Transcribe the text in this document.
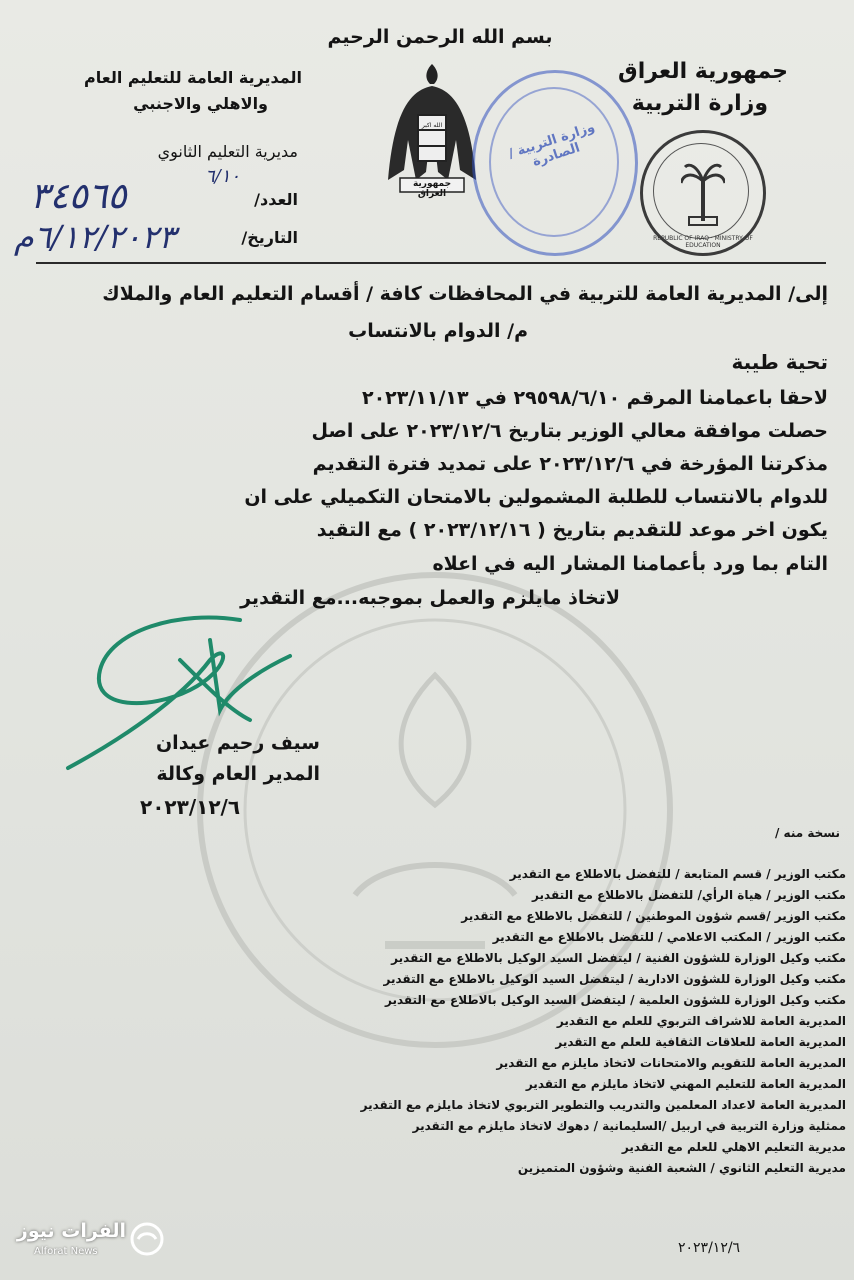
جمهورية العراق
وزارة التربية
بسم الله الرحمن الرحيم
المديرية العامة للتعليم العام
والاهلي والاجنبي
مديرية التعليم الثانوي
٦/١٠
العدد/
٣٤٥٦٥
التاريخ/
٦/١٢/٢٠٢٣م
الله اكبر
جمهورية العراق
وزارة التربية / الصادرة
REPUBLIC OF IRAQ · MINISTRY OF EDUCATION
إلى/ المديرية العامة للتربية في المحافظات كافة / أقسام التعليم العام والملاك
م/ الدوام بالانتساب
تحية طيبة
لاحقا باعمامنا المرقم ٢٩٥٩٨/٦/١٠ في ٢٠٢٣/١١/١٣
حصلت موافقة معالي الوزير بتاريخ ٢٠٢٣/١٢/٦ على اصل
مذكرتنا المؤرخة في ٢٠٢٣/١٢/٦ على تمديد فترة التقديم
للدوام بالانتساب للطلبة المشمولين بالامتحان التكميلي على ان
يكون اخر موعد للتقديم بتاريخ ( ٢٠٢٣/١٢/١٦ ) مع التقيد
التام بما ورد بأعمامنا المشار اليه في اعلاه
لاتخاذ مايلزم والعمل بموجبه...مع التقدير
سيف رحيم عيدان
المدير العام وكالة
٢٠٢٣/١٢/٦
نسخة منه /
مكتب الوزير / قسم المتابعة / للتفضل بالاطلاع مع التقدير
مكتب الوزير / هياة الرأي/ للتفضل بالاطلاع مع التقدير
مكتب الوزير /قسم شؤون الموطنين / للتفضل بالاطلاع مع التقدير
مكتب الوزير / المكتب الاعلامي / للتفضل بالاطلاع مع التقدير
مكتب وكيل الوزارة للشؤون الفنية / ليتفضل السيد الوكيل بالاطلاع مع التقدير
مكتب وكيل الوزارة للشؤون الادارية / ليتفضل السيد الوكيل بالاطلاع مع التقدير
مكتب وكيل الوزارة للشؤون العلمية / ليتفضل السيد الوكيل بالاطلاع مع التقدير
المديرية العامة للاشراف التربوي للعلم مع التقدير
المديرية العامة للعلاقات الثقافية للعلم مع التقدير
المديرية العامة للتقويم والامتحانات لاتخاذ مايلزم مع التقدير
المديرية العامة للتعليم المهني لاتخاذ مايلزم مع التقدير
المديرية العامة لاعداد المعلمين والتدريب والتطوير التربوي لاتخاذ مايلزم مع التقدير
ممثلية وزارة التربية في اربيل /السليمانية / دهوك لاتخاذ مايلزم مع التقدير
مديرية التعليم الاهلي للعلم مع التقدير
مديرية التعليم الثانوي / الشعبة الفنية وشؤون المتميزين
٢٠٢٣/١٢/٦
الفرات نيوز
Alforat News
